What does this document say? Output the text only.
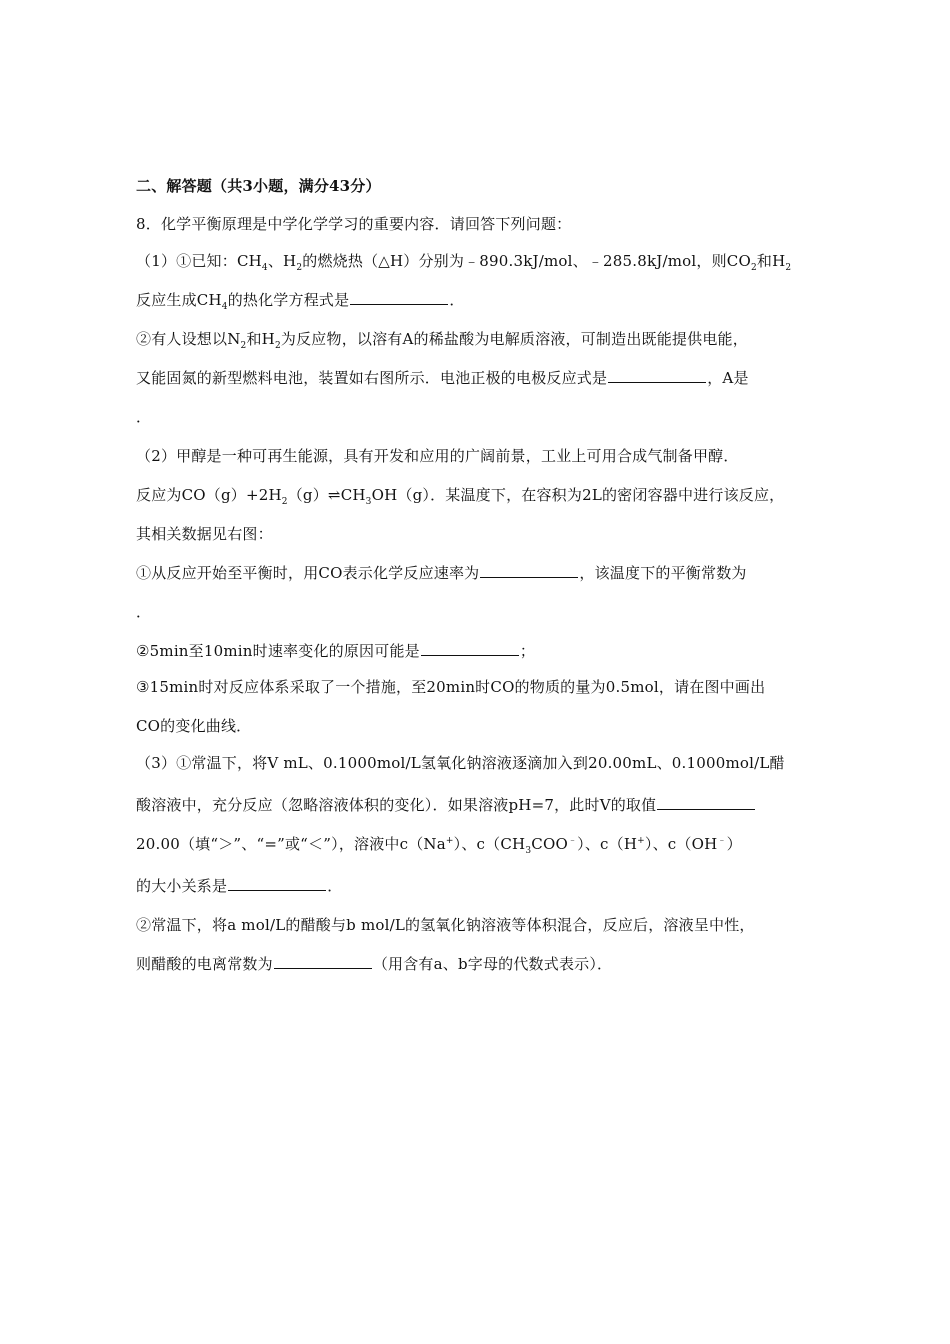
二、解答题（共3小题，满分43分）
8．化学平衡原理是中学化学学习的重要内容．请回答下列问题：
（1）①已知：$CH_4$、$H_2$的燃烧热（△H）分别为﹣890.3kJ/mol、﹣285.8kJ/mol，则$CO_2$和$H_2$
反应生成$CH_4$的热化学方程式是	．
②有人设想以$N_2$和$H_2$为反应物，以溶有A的稀盐酸为电解质溶液，可制造出既能提供电能，
又能固氮的新型燃料电池，装置如右图所示．电池正极的电极反应式是	，A是
．
（2）甲醇是一种可再生能源，具有开发和应用的广阔前景，工业上可用合成气制备甲醇．
反应为$CO(g)+2H_2(g)\rightleftharpoons CH_3OH(g)$．某温度下，在容积为2L的密闭容器中进行该反应，
其相关数据见右图：
①从反应开始至平衡时，用CO表示化学反应速率为	，该温度下的平衡常数为
．
②5min至10min时速率变化的原因可能是	；
③15min时对反应体系采取了一个措施，至20min时CO的物质的量为0.5mol，请在图中画出
CO的变化曲线．
（3）①常温下，将V mL、0.1000mol/L氢氧化钠溶液逐滴加入到20.00mL、0.1000mol/L醋
酸溶液中，充分反应（忽略溶液体积的变化）．如果溶液pH=7，此时V的取值
20.00（填“＞”、“=”或“＜”），溶液中c（Na+）、$c(CH_3COO^﹣)$、c（H+）、c（OH﹣）
的大小关系是	．
②常温下，将a mol/L的醋酸与b mol/L的氢氧化钠溶液等体积混合，反应后，溶液呈中性，
则醋酸的电离常数为	（用含有a、b字母的代数式表示）．
